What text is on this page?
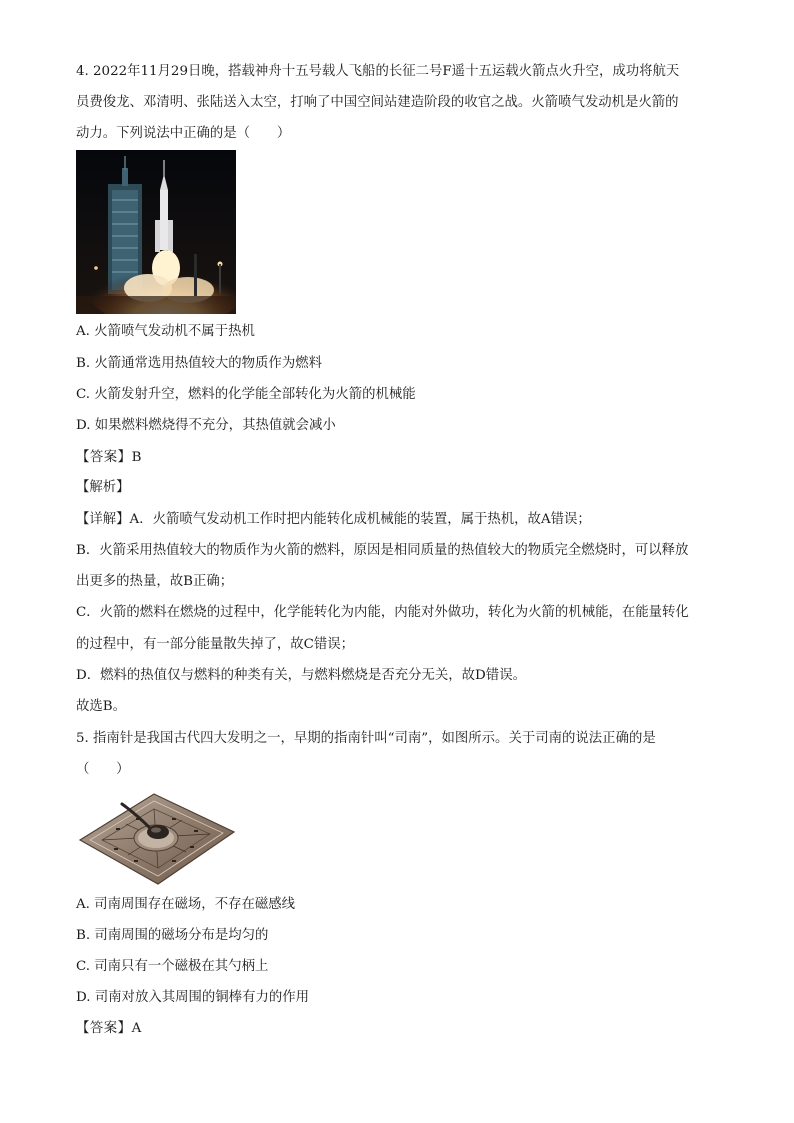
4. 2022年11月29日晚，搭载神舟十五号载人飞船的长征二号F遥十五运载火箭点火升空，成功将航天
员费俊龙、邓清明、张陆送入太空，打响了中国空间站建造阶段的收官之战。火箭喷气发动机是火箭的
动力。下列说法中正确的是（　　）
A. 火箭喷气发动机不属于热机
B. 火箭通常选用热值较大的物质作为燃料
C. 火箭发射升空，燃料的化学能全部转化为火箭的机械能
D. 如果燃料燃烧得不充分，其热值就会减小
【答案】B
【解析】
【详解】A．火箭喷气发动机工作时把内能转化成机械能的装置，属于热机，故A错误；
B．火箭采用热值较大的物质作为火箭的燃料，原因是相同质量的热值较大的物质完全燃烧时，可以释放
出更多的热量，故B正确；
C．火箭的燃料在燃烧的过程中，化学能转化为内能，内能对外做功，转化为火箭的机械能，在能量转化
的过程中，有一部分能量散失掉了，故C错误；
D．燃料的热值仅与燃料的种类有关，与燃料燃烧是否充分无关，故D错误。
故选B。
5. 指南针是我国古代四大发明之一，早期的指南针叫“司南”，如图所示。关于司南的说法正确的是
（　　）
A. 司南周围存在磁场，不存在磁感线
B. 司南周围的磁场分布是均匀的
C. 司南只有一个磁极在其勺柄上
D. 司南对放入其周围的铜棒有力的作用
【答案】A
